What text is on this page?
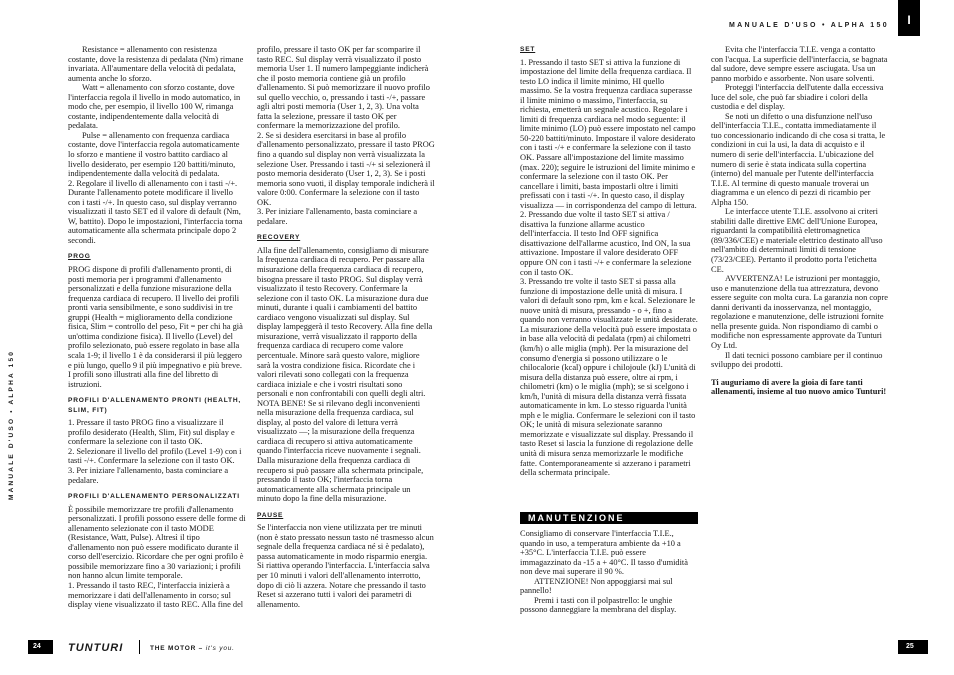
MANUALE D'USO • ALPHA 150	I
MANUALE D'USO • ALPHA 150

Resistance = allenamento con resistenza costante, dove la resistenza di pedalata (Nm) rimane invariata. All'aumentare della velocità di pedalata, aumenta anche lo sforzo.

Watt = allenamento con sforzo costante, dove l'interfaccia regola il livello in modo automatico, in modo che, per esempio, il livello 100 W, rimanga costante, indipendentemente dalla velocità di pedalata.

Pulse = allenamento con frequenza cardiaca costante, dove l'interfaccia regola automaticamente lo sforzo e mantiene il vostro battito cardiaco al livello desiderato, per esempio 120 battiti/minuto, indipendentemente dalla velocità di pedalata.

2. Regolare il livello di allenamento con i tasti -/+. Durante l'allenamento potete modificare il livello con i tasti -/+. In questo caso, sul display verranno visualizzati il tasto SET ed il valore di default (Nm, W, battito). Dopo le impostazioni, l'interfaccia torna automaticamente alla schermata principale dopo 2 secondi.

PROG

PROG dispone di profili d'allenamento pronti, di posti memoria per i programmi d'allenamento personalizzati e della funzione misurazione della frequenza cardiaca di recupero. Il livello dei profili pronti varia sensibilmente, e sono suddivisi in tre gruppi (Health = miglioramento della condizione fisica, Slim = controllo del peso, Fit = per chi ha già un'ottima condizione fisica). Il livello (Level) del profilo selezionato, può essere regolato in base alla scala 1-9; il livello 1 è da considerarsi il più leggero e più lungo, quello 9 il più impegnativo e più breve. I profili sono illustrati alla fine del libretto di istruzioni.

PROFILI D'ALLENAMENTO PRONTI (HEALTH, SLIM, FIT)

1. Pressare il tasto PROG fino a visualizzare il profilo desiderato (Health, Slim, Fit) sul display e confermare la selezione con il tasto OK.

2. Selezionare il livello del profilo (Level 1-9) con i tasti -/+. Confermare la selezione con il tasto OK.

3. Per iniziare l'allenamento, basta cominciare a pedalare.

PROFILI D'ALLENAMENTO PERSONALIZZATI

È possibile memorizzare tre profili d'allenamento personalizzati. I profili possono essere delle forme di allenamento selezionate con il tasto MODE (Resistance, Watt, Pulse). Altresì il tipo d'allenamento non può essere modificato durante il corso dell'esercizio. Ricordare che per ogni profilo è possibile memorizzare fino a 30 variazioni; i profili non hanno alcun limite temporale.

1. Pressando il tasto REC, l'interfaccia inizierà a memorizzare i dati dell'allenamento in corso; sul display viene visualizzato il tasto REC. Alla fine del

profilo, pressare il tasto OK per far scomparire il tasto REC. Sul display verrà visualizzato il posto memoria User 1. Il numero lampeggiante indicherà che il posto memoria contiene già un profilo d'allenamento. Si può memorizzare il nuovo profilo sul quello vecchio, o, pressando i tasti -/+, passare agli altri posti memoria (User 1, 2, 3). Una volta fatta la selezione, pressare il tasto OK per confermare la memorizzazione del profilo.

2. Se si desidera esercitarsi in base al profilo d'allenamento personalizzato, pressare il tasto PROG fino a quando sul display non verrà visualizzata la selezione User. Pressando i tasti -/+ si selezionerà il posto memoria desiderato (User 1, 2, 3). Se i posti memoria sono vuoti, il display temporale indicherà il valore 0:00. Confermare la selezione con il tasto OK.

3. Per iniziare l'allenamento, basta cominciare a pedalare.

RECOVERY

Alla fine dell'allenamento, consigliamo di misurare la frequenza cardiaca di recupero. Per passare alla misurazione della frequenza cardiaca di recupero, bisogna pressare il tasto PROG. Sul display verrà visualizzato il testo Recovery. Confermare la selezione con il tasto OK. La misurazione dura due minuti, durante i quali i cambiamenti del battito cardiaco vengono visualizzati sul display. Sul display lampeggerà il testo Recovery. Alla fine della misurazione, verrà visualizzato il rapporto della frequenza cardiaca di recupero come valore percentuale. Minore sarà questo valore, migliore sarà la vostra condizione fisica. Ricordate che i valori rilevati sono collegati con la frequenza cardiaca iniziale e che i vostri risultati sono personali e non confrontabili con quelli degli altri.

NOTA BENE! Se si rilevano degli inconvenienti nella misurazione della frequenza cardiaca, sul display, al posto del valore di lettura verrà visualizzato —; la misurazione della frequenza cardiaca di recupero si attiva automaticamente quando l'interfaccia riceve nuovamente i segnali. Dalla misurazione della frequenza cardiaca di recupero si può passare alla schermata principale, pressando il tasto OK; l'interfaccia torna automaticamente alla schermata principale un minuto dopo la fine della misurazione.

PAUSE

Se l'interfaccia non viene utilizzata per tre minuti (non è stato pressato nessun tasto né trasmesso alcun segnale della frequenza cardiaca né si è pedalato), passa automaticamente in modo risparmio energia. Si riattiva operando l'interfaccia. L'interfaccia salva per 10 minuti i valori dell'allenamento interrotto, dopo di ciò li azzera. Notare che pressando il tasto Reset si azzerano tutti i valori dei parametri di allenamento.

SET

1. Pressando il tasto SET si attiva la funzione di impostazione del limite della frequenza cardiaca. Il testo LO indica il limite minimo, HI quello massimo. Se la vostra frequenza cardiaca superasse il limite minimo o massimo, l'interfaccia, su richiesta, emetterà un segnale acustico. Regolare i limiti di frequenza cardiaca nel modo seguente: il limite minimo (LO) può essere impostato nel campo 50-220 battiti/minuto. Impostare il valore desiderato con i tasti -/+ e confermare la selezione con il tasto OK. Passare all'impostazione del limite massimo (max. 220); seguire le istruzioni del limite minimo e confermare la selezione con il tasto OK. Per cancellare i limiti, basta impostarli oltre i limiti prefissati con i tasti -/+. In questo caso, il display visualizza — in corrispondenza del campo di lettura.

2. Pressando due volte il tasto SET si attiva / disattiva la funzione allarme acustico dell'interfaccia. Il testo Ind OFF significa disattivazione dell'allarme acustico, Ind ON, la sua attivazione. Impostare il valore desiderato OFF oppure ON con i tasti -/+ e confermare la selezione con il tasto OK.

3. Pressando tre volte il tasto SET si passa alla funzione di impostazione delle unità di misura. I valori di default sono rpm, km e kcal. Selezionare le nuove unità di misura, pressando - o +, fino a quando non verranno visualizzate le unità desiderate. La misurazione della velocità può essere impostata o in base alla velocità di pedalata (rpm) ai chilometri (km/h) o alle miglia (mph). Per la misurazione del consumo d'energia si possono utilizzare o le chilocalorie (kcal) oppure i chilojoule (kJ) L'unità di misura della distanza può essere, oltre ai rpm, i chilometri (km) o le miglia (mph); se si scelgono i km/h, l'unità di misura della distanza verrà fissata automaticamente in km. Lo stesso riguarda l'unità mph e le miglia. Confermare le selezioni con il tasto OK; le unità di misura selezionate saranno memorizzate e visualizzate sul display. Pressando il tasto Reset si lascia la funzione di regolazione delle unità di misura senza memorizzarle le modifiche fatte. Contemporaneamente si azzerano i parametri della schermata principale.

MANUTENZIONE

Consigliamo di conservare l'interfaccia T.I.E., quando in uso, a temperatura ambiente da +10 a +35°C. L'interfaccia T.I.E. può essere immagazzinato da -15 a + 40°C. Il tasso d'umidità non deve mai superare il 90 %.

ATTENZIONE! Non appoggiarsi mai sul pannello!

Premi i tasti con il polpastrello: le unghie possono danneggiare la membrana del display.

Evita che l'interfaccia T.I.E. venga a contatto con l'acqua. La superficie dell'interfaccia, se bagnata dal sudore, deve sempre essere asciugata. Usa un panno morbido e assorbente. Non usare solventi.

Proteggi l'interfaccia dell'utente dalla eccessiva luce del sole, che può far sbiadire i colori della custodia e del display.

Se noti un difetto o una disfunzione nell'uso dell'interfaccia T.I.E., contatta immediatamente il tuo concessionario indicando di che cosa si tratta, le condizioni in cui la usi, la data di acquisto e il numero di serie dell'interfaccia. L'ubicazione del numero di serie è stata indicata sulla copertina (interno) del manuale per l'utente dell'interfaccia T.I.E. Al termine di questo manuale troverai un diagramma e un elenco di pezzi di ricambio per Alpha 150.

Le interfacce utente T.I.E. assolvono ai criteri stabiliti dalle direttive EMC dell'Unione Europea, riguardanti la compatibilità elettromagnetica (89/336/CEE) e materiale elettrico destinato all'uso nell'ambito di determinati limiti di tensione (73/23/CEE). Pertanto il prodotto porta l'etichetta CE.

AVVERTENZA! Le istruzioni per montaggio, uso e manutenzione della tua attrezzatura, devono essere seguite con molta cura. La garanzia non copre danni derivanti da inosservanza, nel montaggio, regolazione e manutenzione, delle istruzioni fornite nella presente guida. Non rispondiamo di cambi o modifiche non espressamente approvate da Tunturi Oy Ltd.

Il dati tecnici possono cambiare per il continuo sviluppo dei prodotti.

Ti auguriamo di avere la gioia di fare tanti allenamenti, insieme al tuo nuovo amico Tunturi!

24	25
TUNTURI	THE MOTOR – it's you.
